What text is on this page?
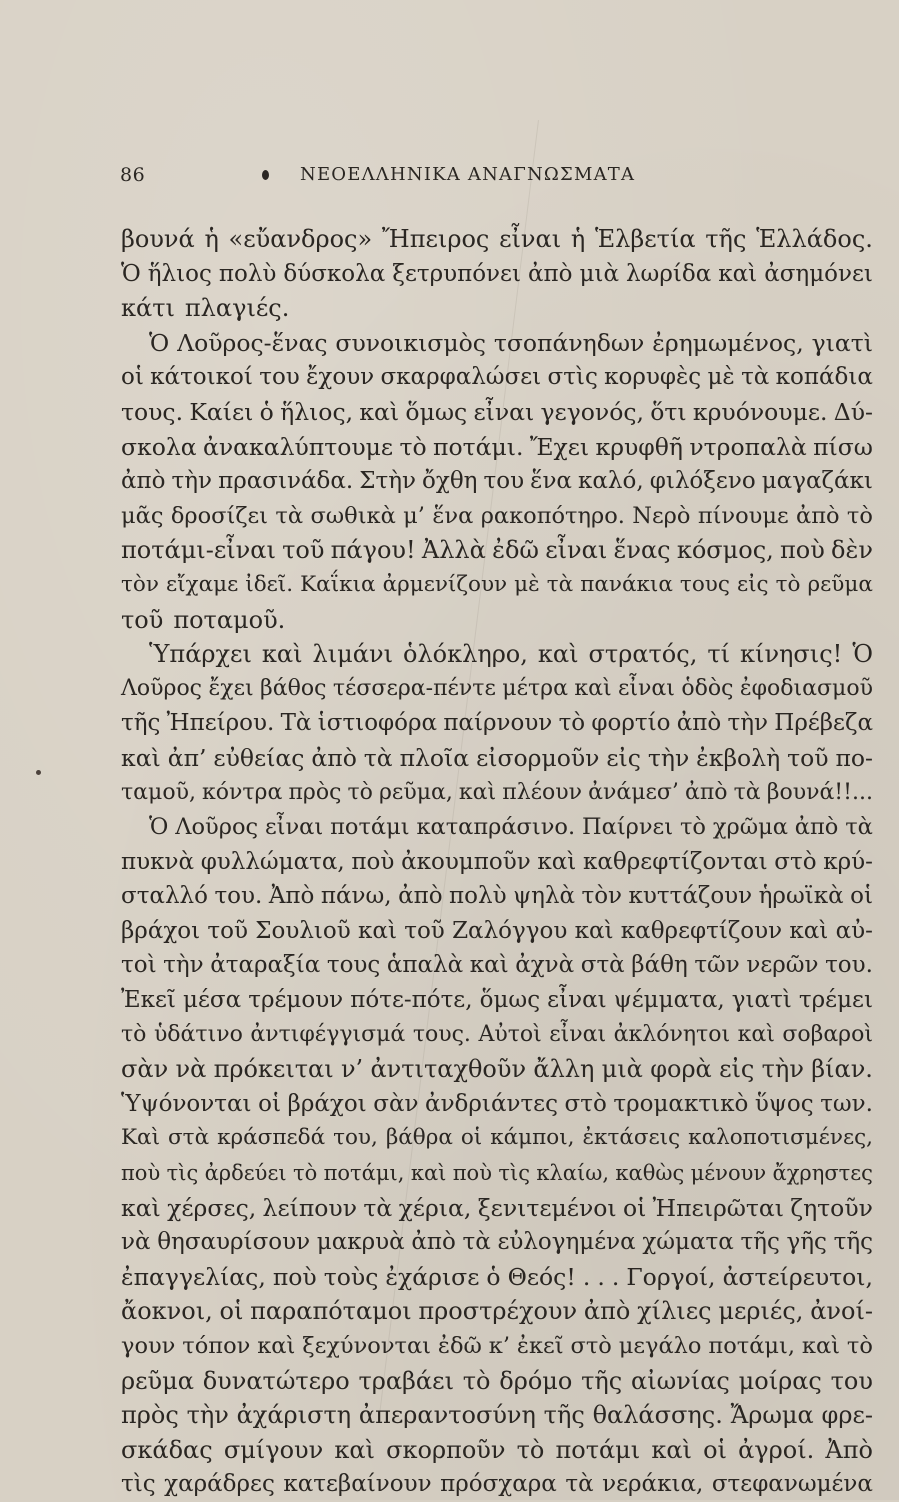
86	ΝΕΟΕΛΛΗΝΙΚΑ ΑΝΑΓΝΩΣΜΑΤΑ
βουνά ἡ «εὔανδρος» Ἤπειρος εἶναι ἡ Ἑλβετία τῆς Ἑλλάδος.
Ὁ ἥλιος πολὺ δύσκολα ξετρυπόνει ἀπὸ μιὰ λωρίδα καὶ ἀσημόνει
κάτι πλαγιές.
Ὁ Λοῦρος-ἕνας συνοικισμὸς τσοπάνηδων ἐρημωμένος, γιατὶ
οἱ κάτοικοί του ἔχουν σκαρφαλώσει στὶς κορυφὲς μὲ τὰ κοπάδια
τους. Καίει ὁ ἥλιος, καὶ ὅμως εἶναι γεγονός, ὅτι κρυόνουμε. Δύ-
σκολα ἀνακαλύπτουμε τὸ ποτάμι. Ἔχει κρυφθῆ ντροπαλὰ πίσω
ἀπὸ τὴν πρασινάδα. Στὴν ὄχθη του ἕνα καλό, φιλόξενο μαγαζάκι
μᾶς δροσίζει τὰ σωθικὰ μ’ ἕνα ρακοπότηρο. Νερὸ πίνουμε ἀπὸ τὸ
ποτάμι-εἶναι τοῦ πάγου! Ἀλλὰ ἐδῶ εἶναι ἕνας κόσμος, ποὺ δὲν
τὸν εἴχαμε ἰδεῖ. Καΐκια ἀρμενίζουν μὲ τὰ πανάκια τους εἰς τὸ ρεῦμα
τοῦ ποταμοῦ.
Ὑπάρχει καὶ λιμάνι ὁλόκληρο, καὶ στρατός, τί κίνησις! Ὁ
Λοῦρος ἔχει βάθος τέσσερα-πέντε μέτρα καὶ εἶναι ὁδὸς ἐφοδιασμοῦ
τῆς Ἠπείρου. Τὰ ἱστιοφόρα παίρνουν τὸ φορτίο ἀπὸ τὴν Πρέβεζα
καὶ ἀπ’ εὐθείας ἀπὸ τὰ πλοῖα εἰσορμοῦν εἰς τὴν ἐκβολὴ τοῦ πο-
ταμοῦ, κόντρα πρὸς τὸ ρεῦμα, καὶ πλέουν ἀνάμεσ’ ἀπὸ τὰ βουνά!!...
Ὁ Λοῦρος εἶναι ποτάμι καταπράσινο. Παίρνει τὸ χρῶμα ἀπὸ τὰ
πυκνὰ φυλλώματα, ποὺ ἀκουμποῦν καὶ καθρεφτίζονται στὸ κρύ-
σταλλό του. Ἀπὸ πάνω, ἀπὸ πολὺ ψηλὰ τὸν κυττάζουν ἡρωϊκὰ οἱ
βράχοι τοῦ Σουλιοῦ καὶ τοῦ Ζαλόγγου καὶ καθρεφτίζουν καὶ αὐ-
τοὶ τὴν ἀταραξία τους ἁπαλὰ καὶ ἀχνὰ στὰ βάθη τῶν νερῶν του.
Ἐκεῖ μέσα τρέμουν πότε-πότε, ὅμως εἶναι ψέμματα, γιατὶ τρέμει
τὸ ὑδάτινο ἀντιφέγγισμά τους. Αὐτοὶ εἶναι ἀκλόνητοι καὶ σοβαροὶ
σὰν νὰ πρόκειται ν’ ἀντιταχθοῦν ἄλλη μιὰ φορὰ εἰς τὴν βίαν.
Ὑψόνονται οἱ βράχοι σὰν ἀνδριάντες στὸ τρομακτικὸ ὕψος των.
Καὶ στὰ κράσπεδά του, βάθρα οἱ κάμποι, ἐκτάσεις καλοποτισμένες,
ποὺ τὶς ἀρδεύει τὸ ποτάμι, καὶ ποὺ τὶς κλαίω, καθὼς μένουν ἄχρηστες
καὶ χέρσες, λείπουν τὰ χέρια, ξενιτεμένοι οἱ Ἠπειρῶται ζητοῦν
νὰ θησαυρίσουν μακρυὰ ἀπὸ τὰ εὐλογημένα χώματα τῆς γῆς τῆς
ἐπαγγελίας, ποὺ τοὺς ἐχάρισε ὁ Θεός! . . . Γοργοί, ἀστείρευτοι,
ἄοκνοι, οἱ παραπόταμοι προστρέχουν ἀπὸ χίλιες μεριές, ἀνοί-
γουν τόπον καὶ ξεχύνονται ἐδῶ κ’ ἐκεῖ στὸ μεγάλο ποτάμι, καὶ τὸ
ρεῦμα δυνατώτερο τραβάει τὸ δρόμο τῆς αἰωνίας μοίρας του
πρὸς τὴν ἀχάριστη ἀπεραντοσύνη τῆς θαλάσσης. Ἄρωμα φρε-
σκάδας σμίγουν καὶ σκορποῦν τὸ ποτάμι καὶ οἱ ἀγροί. Ἀπὸ
τὶς χαράδρες κατεβαίνουν πρόσχαρα τὰ νεράκια, στεφανωμένα
